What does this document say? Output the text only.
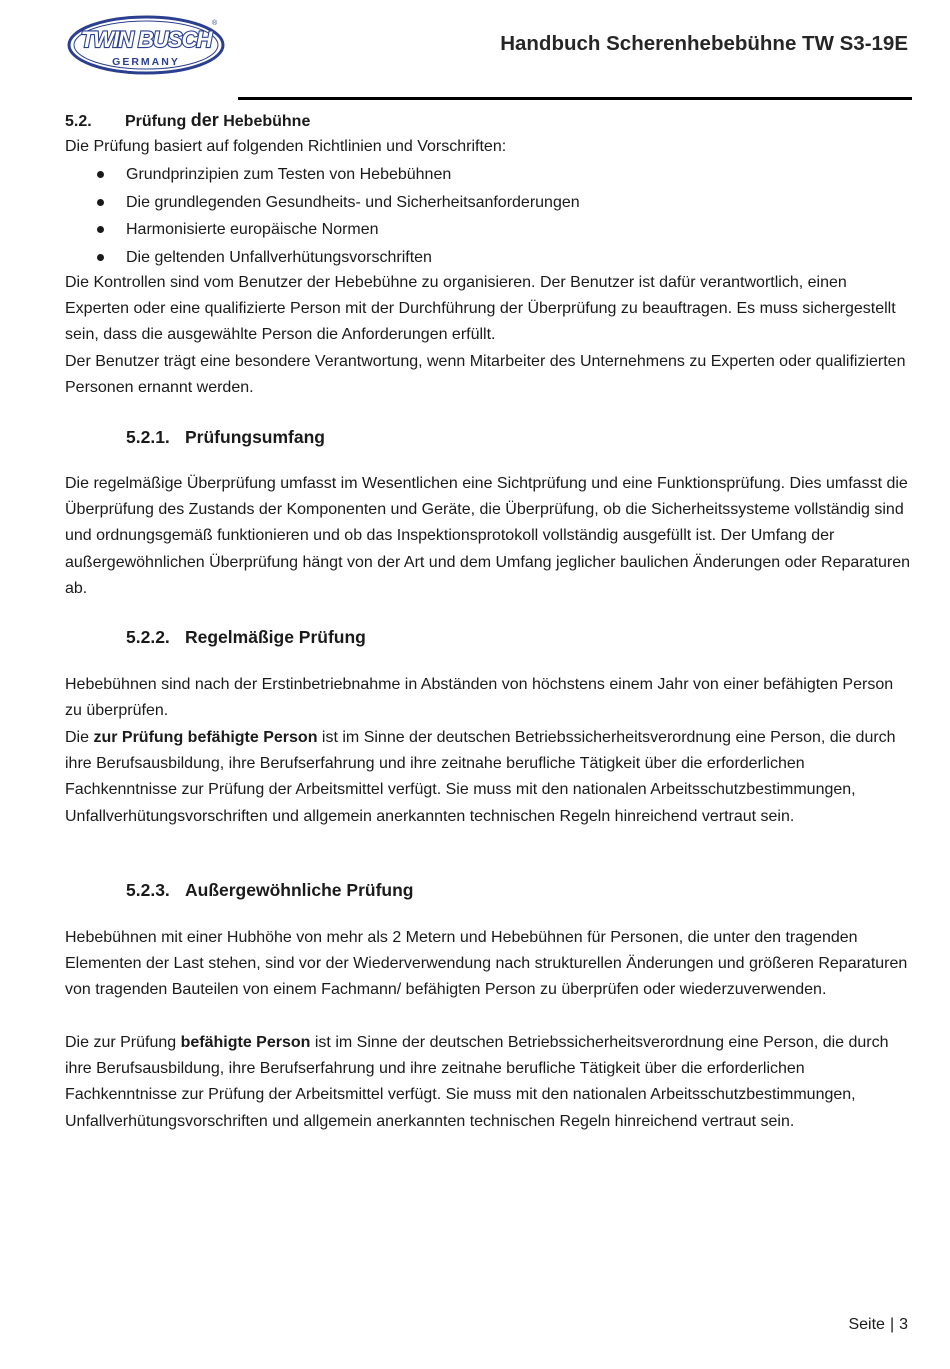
TWIN BUSCH
GERMANY
®
Handbuch Scherenhebebühne TW S3-19E
5.2. Prüfung der Hebebühne

Die Prüfung basiert auf folgenden Richtlinien und Vorschriften:

Grundprinzipien zum Testen von Hebebühnen
Die grundlegenden Gesundheits- und Sicherheitsanforderungen
Harmonisierte europäische Normen
Die geltenden Unfallverhütungsvorschriften

Die Kontrollen sind vom Benutzer der Hebebühne zu organisieren. Der Benutzer ist dafür verantwortlich, einen Experten oder eine qualifizierte Person mit der Durchführung der Überprüfung zu beauftragen. Es muss sichergestellt sein, dass die ausgewählte Person die Anforderungen erfüllt.

Der Benutzer trägt eine besondere Verantwortung, wenn Mitarbeiter des Unternehmens zu Experten oder qualifizierten Personen ernannt werden.

5.2.1. Prüfungsumfang

Die regelmäßige Überprüfung umfasst im Wesentlichen eine Sichtprüfung und eine Funktionsprüfung. Dies umfasst die Überprüfung des Zustands der Komponenten und Geräte, die Überprüfung, ob die Sicherheitssysteme vollständig sind und ordnungsgemäß funktionieren und ob das Inspektionsprotokoll vollständig ausgefüllt ist. Der Umfang der außergewöhnlichen Überprüfung hängt von der Art und dem Umfang jeglicher baulichen Änderungen oder Reparaturen ab.

5.2.2. Regelmäßige Prüfung

Hebebühnen sind nach der Erstinbetriebnahme in Abständen von höchstens einem Jahr von einer befähigten Person zu überprüfen.

Die zur Prüfung befähigte Person ist im Sinne der deutschen Betriebssicherheitsverordnung eine Person, die durch ihre Berufsausbildung, ihre Berufserfahrung und ihre zeitnahe berufliche Tätigkeit über die erforderlichen Fachkenntnisse zur Prüfung der Arbeitsmittel verfügt. Sie muss mit den nationalen Arbeitsschutzbestimmungen, Unfallverhütungsvorschriften und allgemein anerkannten technischen Regeln hinreichend vertraut sein.

5.2.3. Außergewöhnliche Prüfung

Hebebühnen mit einer Hubhöhe von mehr als 2 Metern und Hebebühnen für Personen, die unter den tragenden Elementen der Last stehen, sind vor der Wiederverwendung nach strukturellen Änderungen und größeren Reparaturen von tragenden Bauteilen von einem Fachmann/ befähigten Person zu überprüfen oder wiederzuverwenden.

Die zur Prüfung befähigte Person ist im Sinne der deutschen Betriebssicherheitsverordnung eine Person, die durch ihre Berufsausbildung, ihre Berufserfahrung und ihre zeitnahe berufliche Tätigkeit über die erforderlichen Fachkenntnisse zur Prüfung der Arbeitsmittel verfügt. Sie muss mit den nationalen Arbeitsschutzbestimmungen, Unfallverhütungsvorschriften und allgemein anerkannten technischen Regeln hinreichend vertraut sein.

Seite | 3
